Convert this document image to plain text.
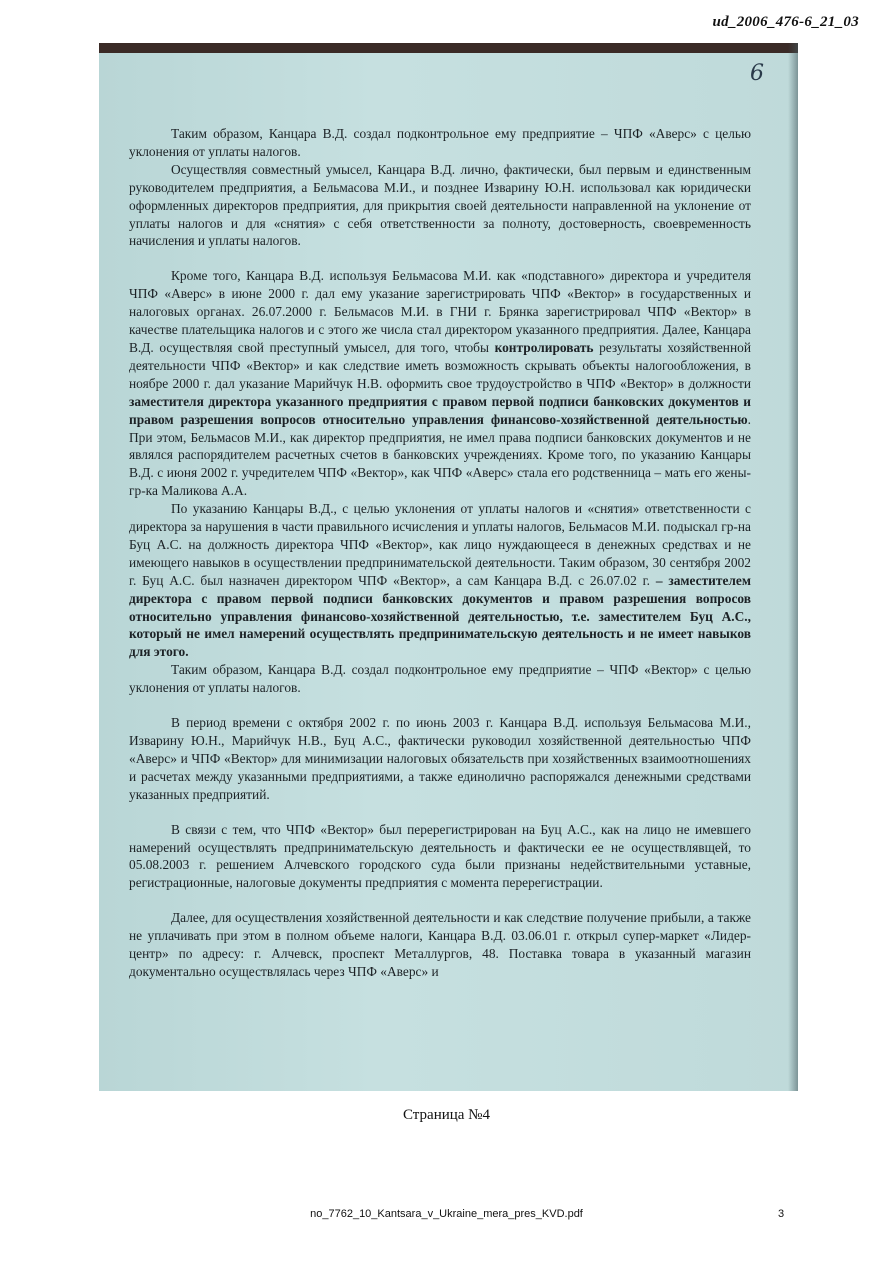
ud_2006_476-6_21_03
6

Таким образом, Канцара В.Д. создал подконтрольное ему предприятие – ЧПФ «Аверс» с целью уклонения от уплаты налогов.

Осуществляя совместный умысел, Канцара В.Д. лично, фактически, был первым и единственным руководителем предприятия, а Бельмасова М.И., и позднее Изварину Ю.Н. использовал как юридически оформленных директоров предприятия, для прикрытия своей деятельности направленной на уклонение от уплаты налогов и для «снятия» с себя ответственности за полноту, достоверность, своевременность начисления и уплаты налогов.

Кроме того, Канцара В.Д. используя Бельмасова М.И. как «подставного» директора и учредителя ЧПФ «Аверс» в июне 2000 г. дал ему указание зарегистрировать ЧПФ «Вектор» в государственных и налоговых органах. 26.07.2000 г. Бельмасов М.И. в ГНИ г. Брянка зарегистрировал ЧПФ «Вектор» в качестве плательщика налогов и с этого же числа стал директором указанного предприятия. Далее, Канцара В.Д. осуществляя свой преступный умысел, для того, чтобы контролировать результаты хозяйственной деятельности ЧПФ «Вектор» и как следствие иметь возможность скрывать объекты налогообложения, в ноябре 2000 г. дал указание Марийчук Н.В. оформить свое трудоустройство в ЧПФ «Вектор» в должности заместителя директора указанного предприятия с правом первой подписи банковских документов и правом разрешения вопросов относительно управления финансово-хозяйственной деятельностью. При этом, Бельмасов М.И., как директор предприятия, не имел права подписи банковских документов и не являлся распорядителем расчетных счетов в банковских учреждениях. Кроме того, по указанию Канцары В.Д. с июня 2002 г. учредителем ЧПФ «Вектор», как ЧПФ «Аверс» стала его родственница – мать его жены- гр-ка Маликова А.А.

По указанию Канцары В.Д., с целью уклонения от уплаты налогов и «снятия» ответственности с директора за нарушения в части правильного исчисления и уплаты налогов, Бельмасов М.И. подыскал гр-на Буц А.С. на должность директора ЧПФ «Вектор», как лицо нуждающееся в денежных средствах и не имеющего навыков в осуществлении предпринимательской деятельности. Таким образом, 30 сентября 2002 г. Буц А.С. был назначен директором ЧПФ «Вектор», а сам Канцара В.Д. с 26.07.02 г. – заместителем директора с правом первой подписи банковских документов и правом разрешения вопросов относительно управления финансово-хозяйственной деятельностью, т.е. заместителем Буц А.С., который не имел намерений осуществлять предпринимательскую деятельность и не имеет навыков для этого.

Таким образом, Канцара В.Д. создал подконтрольное ему предприятие – ЧПФ «Вектор» с целью уклонения от уплаты налогов.

В период времени с октября 2002 г. по июнь 2003 г. Канцара В.Д. используя Бельмасова М.И., Изварину Ю.Н., Марийчук Н.В., Буц А.С., фактически руководил хозяйственной деятельностью ЧПФ «Аверс» и ЧПФ «Вектор» для минимизации налоговых обязательств при хозяйственных взаимоотношениях и расчетах между указанными предприятиями, а также единолично распоряжался денежными средствами указанных предприятий.

В связи с тем, что ЧПФ «Вектор» был перерегистрирован на Буц А.С., как на лицо не имевшего намерений осуществлять предпринимательскую деятельность и фактически ее не осуществлявщей, то 05.08.2003 г. решением Алчевского городского суда были признаны недействительными уставные, регистрационные, налоговые документы предприятия с момента перерегистрации.

Далее, для осуществления хозяйственной деятельности и как следствие получение прибыли, а также не уплачивать при этом в полном объеме налоги, Канцара В.Д. 03.06.01 г. открыл супер-маркет «Лидер-центр» по адресу: г. Алчевск, проспект Металлургов, 48. Поставка товара в указанный магазин документально осуществлялась через ЧПФ «Аверс» и

Страница №4
no_7762_10_Kantsara_v_Ukraine_mera_pres_KVD.pdf	3
